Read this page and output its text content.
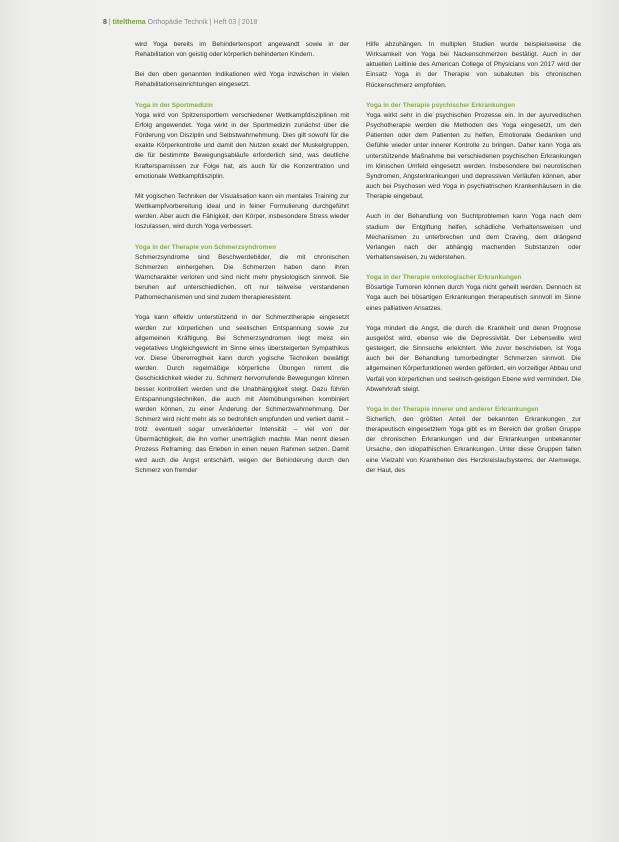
8 | titelthema Orthopädie Technik | Heft 03 | 2018

wird Yoga bereits im Behindertensport angewandt sowie in der Rehabilitation von geistig oder körperlich behinderten Kindern.

Bei den oben genannten Indikationen wird Yoga inzwischen in vielen Rehabilitationseinrichtungen eingesetzt.

Yoga in der Sportmedizin

Yoga wird von Spitzensportlern verschiedener Wettkampfdisziplinen mit Erfolg angewendet. Yoga wirkt in der Sportmedizin zunächst über die Förderung von Disziplin und Selbstwahrnehmung. Dies gilt sowohl für die exakte Körperkontrolle und damit den Nutzen exakt der Muskelgruppen, die für bestimmte Bewegungsabläufe erforderlich sind, was deutliche Kraftersparnissen zur Folge hat, als auch für die Konzentration und emotionale Wettkampfdisziplin.

Mit yogischen Techniken der Visualisation kann ein mentales Training zur Wettkampfvorbereitung ideal und in feiner Formulierung durchgeführt werden. Aber auch die Fähigkeit, den Körper, insbesondere Stress wieder loszulassen, wird durch Yoga verbessert.

Yoga in der Therapie von Schmerzsyndromen

Schmerzsyndrome sind Beschwerdebilder, die mit chronischen Schmerzen einhergehen. Die Schmerzen haben dann ihren Warncharakter verloren und sind nicht mehr physiologisch sinnvoll. Sie beruhen auf unterschiedlichen, oft nur teilweise verstandenen Pathomechanismen und sind zudem therapieresistent.

Yoga kann effektiv unterstützend in der Schmerztherapie eingesetzt werden zur körperlichen und seelischen Entspannung sowie zur allgemeinen Kräftigung. Bei Schmerzsyndromen liegt meist ein vegetatives Ungleichgewicht im Sinne eines übersteigerten Sympathikus vor. Diese Übererregtheit kann durch yogische Techniken bewältigt werden. Durch regelmäßige körperliche Übungen nimmt die Geschicklichkeit wieder zu. Schmerz hervorrufende Bewegungen können besser kontrolliert werden und die Unabhängigkeit steigt. Dazu führen Entspannungstechniken, die auch mit Atemübungsreihen kombiniert werden können, zu einer Änderung der Schmerzwahrnehmung. Der Schmerz wird nicht mehr als so bedrohlich empfunden und verliert damit – trotz eventuell sogar unveränderter Intensität – viel von der Übermächtigkeit, die ihn vorher unerträglich machte. Man nennt diesen Prozess Reframing: das Erleben in einen neuen Rahmen setzen. Damit wird auch die Angst entschärft, wegen der Behinderung durch den Schmerz von fremder

Hilfe abzuhängen. In multiplen Studien wurde beispielsweise die Wirksamkeit von Yoga bei Nackenschmerzen bestätigt. Auch in der aktuellen Leitlinie des American College of Physicians von 2017 wird der Einsatz Yoga in der Therapie von subakuten bis chronischen Rückenschmerz empfohlen.

Yoga in der Therapie psychischer Erkrankungen

Yoga wirkt sehr in die psychischen Prozesse ein. In der ayurvedischen Psychotherapie werden die Methoden des Yoga eingesetzt, um den Patienten oder dem Patienten zu helfen, Emotionale Gedanken und Gefühle wieder unter innerer Kontrolle zu bringen. Daher kann Yoga als unterstützende Maßnahme bei verschiedenen psychischen Erkrankungen im klinischen Umfeld eingesetzt werden. Insbesondere bei neurotischen Syndromen, Angsterkrankungen und depressiven Verläufen können, aber auch bei Psychosen wird Yoga in psychiatrischen Krankenhäusern in die Therapie eingebaut.

Auch in der Behandlung von Suchtproblemen kann Yoga nach dem stadium der Entgiftung helfen, schädliche Verhaltensweisen und Mechanismen zu unterbrechen und dem Craving, dem drängend Verlangen nach der abhängig machenden Substanzen oder Verhaltensweisen, zu widerstehen.

Yoga in der Therapie onkologischer Erkrankungen

Bösartige Tumoren können durch Yoga nicht geheilt werden. Dennoch ist Yoga auch bei bösartigen Erkrankungen therapeutisch sinnvoll im Sinne eines palliativen Ansatzes.

Yoga mindert die Angst, die durch die Krankheit und deren Prognose ausgelöst wird, ebenso wie die Depressivität. Der Lebenswille wird gesteigert, die Sinnsuche erleichtert. Wie zuvor beschrieben, ist Yoga auch bei der Behandlung tumorbedingter Schmerzen sinnvoll. Die allgemeinen Körperfunktionen werden gefördert, ein vorzeitiger Abbau und Verfall von körperlichen und seelisch-geistigen Ebene wird vermindert. Die Abwehrkraft steigt.

Yoga in der Therapie innerer und anderer Erkrankungen

Sicherlich, den größten Anteil der bekannten Erkrankungen zur therapeutisch eingesetztem Yoga gibt es im Bereich der großen Gruppe der chronischen Erkrankungen und der Erkrankungen unbekannter Ursache, den idiopathischen Erkrankungen. Unter diese Gruppen fallen eine Vielzahl von Krankheiten des Herzkreislaufsystems, der Atemwege, der Haut, des
